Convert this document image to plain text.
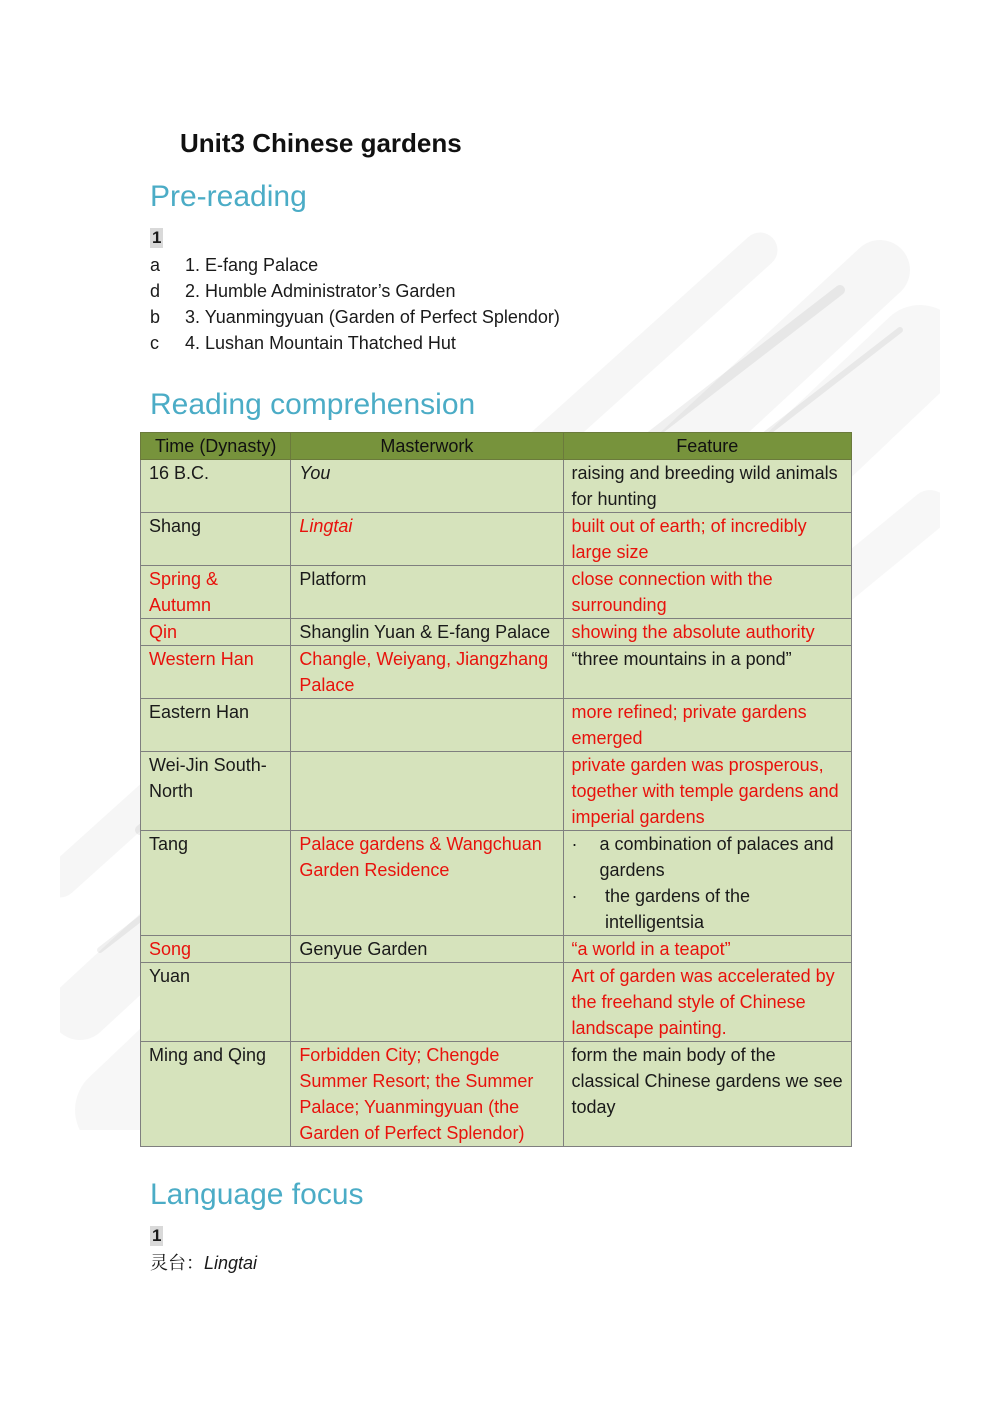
Unit3 Chinese gardens
Pre-reading
1
a	1. E-fang Palace
d	2. Humble Administrator’s Garden
b	3. Yuanmingyuan (Garden of Perfect Splendor)
c	4. Lushan Mountain Thatched Hut
Reading comprehension
Time (Dynasty)	Masterwork	Feature
16 B.C.	You	raising and breeding wild animals for hunting
Shang	Lingtai	built out of earth; of incredibly large size
Spring & Autumn	Platform	close connection with the surrounding
Qin	Shanglin Yuan & E-fang Palace	showing the absolute authority
Western Han	Changle, Weiyang, Jiangzhang Palace	“three mountains in a pond”
Eastern Han		more refined; private gardens emerged
Wei-Jin South-North		private garden was prosperous, together with temple gardens and imperial gardens
Tang	Palace gardens & Wangchuan Garden Residence	· a combination of palaces and gardens
· the gardens of the intelligentsia

Song	Genyue Garden	“a world in a teapot”
Yuan		Art of garden was accelerated by the freehand style of Chinese landscape painting.
Ming and Qing	Forbidden City; Chengde Summer Resort; the Summer Palace; Yuanmingyuan (the Garden of Perfect Splendor)	form the main body of the classical Chinese gardens we see today
Language focus
1
灵台：Lingtai
